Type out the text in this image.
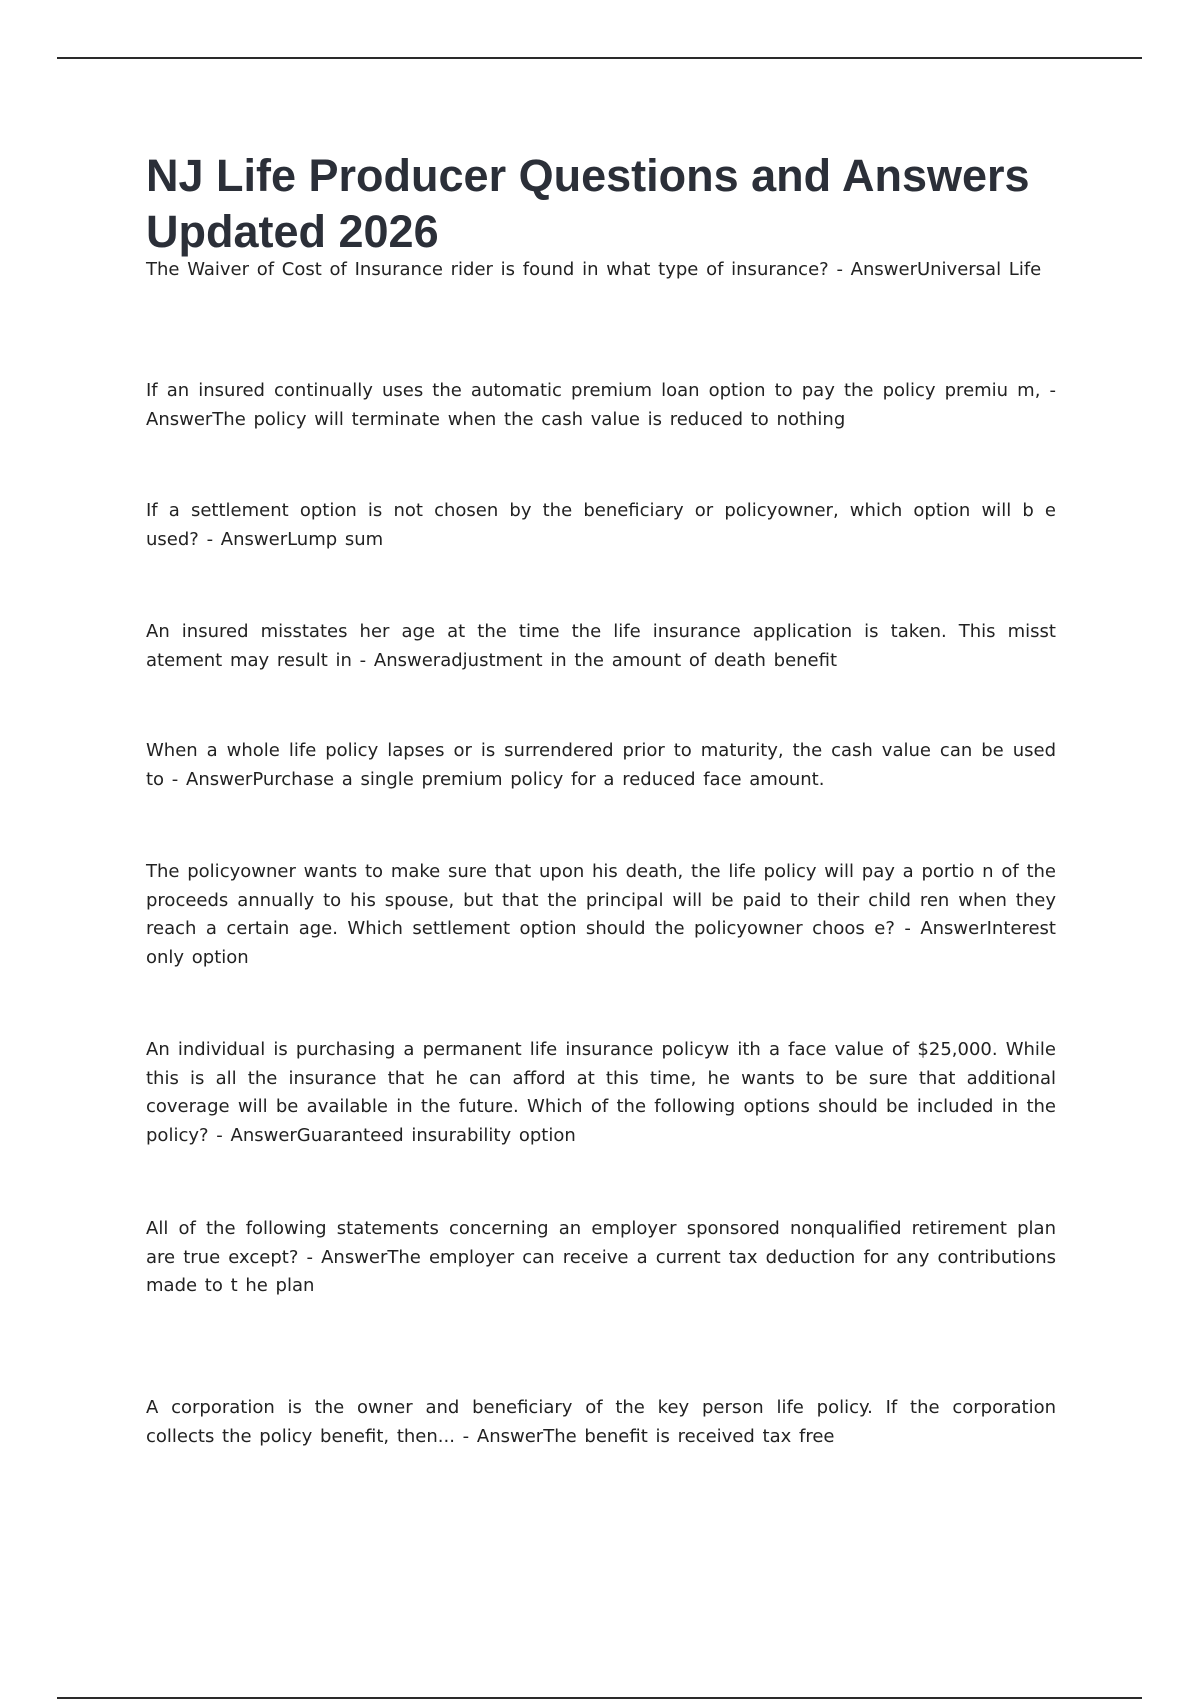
NJ Life Producer Questions and Answers Updated 2026

The Waiver of Cost of Insurance rider is found in what type of insurance? - AnswerUniversal Life

If an insured continually uses the automatic premium loan option to pay the policy premiu m, - AnswerThe policy will terminate when the cash value is reduced to nothing

If a settlement option is not chosen by the beneficiary or policyowner, which option will b e used? - AnswerLump sum

An insured misstates her age at the time the life insurance application is taken. This misst atement may result in - Answeradjustment in the amount of death benefit

When a whole life policy lapses or is surrendered prior to maturity, the cash value can be used to - AnswerPurchase a single premium policy for a reduced face amount.

The policyowner wants to make sure that upon his death, the life policy will pay a portio n of the proceeds annually to his spouse, but that the principal will be paid to their child ren when they reach a certain age. Which settlement option should the policyowner choos e? - AnswerInterest only option

An individual is purchasing a permanent life insurance policyw ith a face value of $25,000. While this is all the insurance that he can afford at this time, he wants to be sure that additional coverage will be available in the future. Which of the following options should be included in the policy? - AnswerGuaranteed insurability option

All of the following statements concerning an employer sponsored nonqualified retirement plan are true except? - AnswerThe employer can receive a current tax deduction for any contributions made to t he plan

A corporation is the owner and beneficiary of the key person life policy. If the corporation collects the policy benefit, then... - AnswerThe benefit is received tax free
